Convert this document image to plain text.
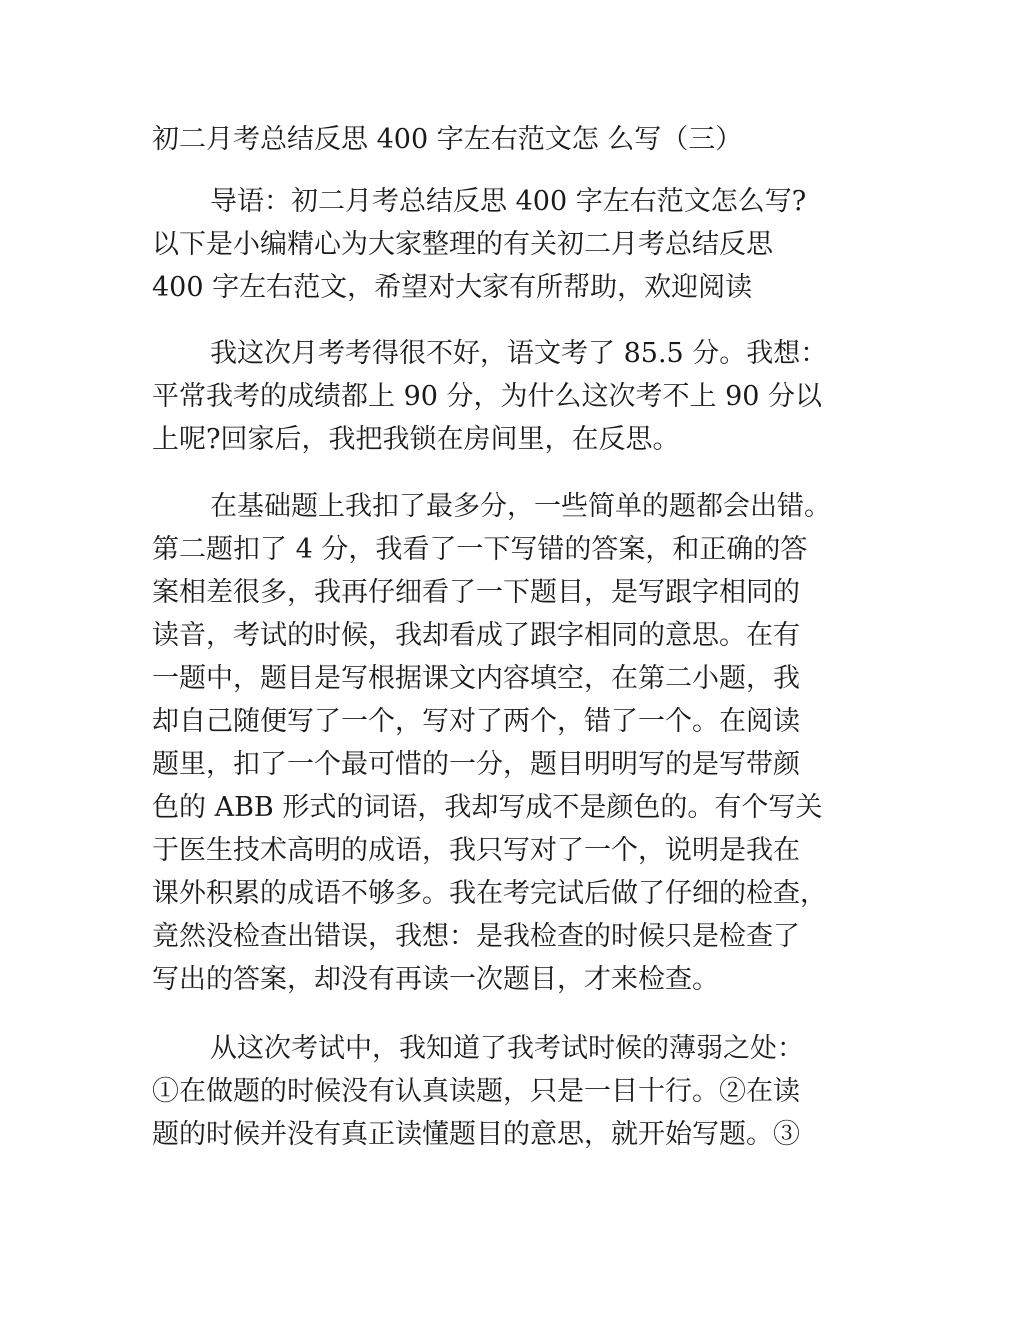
初二月考总结反思 400 字左右范文怎 么写（三）

导语：初二月考总结反思 400 字左右范文怎么写?

以下是小编精心为大家整理的有关初二月考总结反思

400 字左右范文，希望对大家有所帮助，欢迎阅读

我这次月考考得很不好，语文考了 85.5 分。我想：

平常我考的成绩都上 90 分，为什么这次考不上 90 分以

上呢?回家后，我把我锁在房间里，在反思。

在基础题上我扣了最多分，一些简单的题都会出错。

第二题扣了 4 分，我看了一下写错的答案，和正确的答

案相差很多，我再仔细看了一下题目，是写跟字相同的

读音，考试的时候，我却看成了跟字相同的意思。在有

一题中，题目是写根据课文内容填空，在第二小题，我

却自己随便写了一个，写对了两个，错了一个。在阅读

题里，扣了一个最可惜的一分，题目明明写的是写带颜

色的 ABB 形式的词语，我却写成不是颜色的。有个写关

于医生技术高明的成语，我只写对了一个，说明是我在

课外积累的成语不够多。我在考完试后做了仔细的检查，

竟然没检查出错误，我想：是我检查的时候只是检查了

写出的答案，却没有再读一次题目，才来检查。

从这次考试中，我知道了我考试时候的薄弱之处：

①在做题的时候没有认真读题，只是一目十行。②在读

题的时候并没有真正读懂题目的意思，就开始写题。③
